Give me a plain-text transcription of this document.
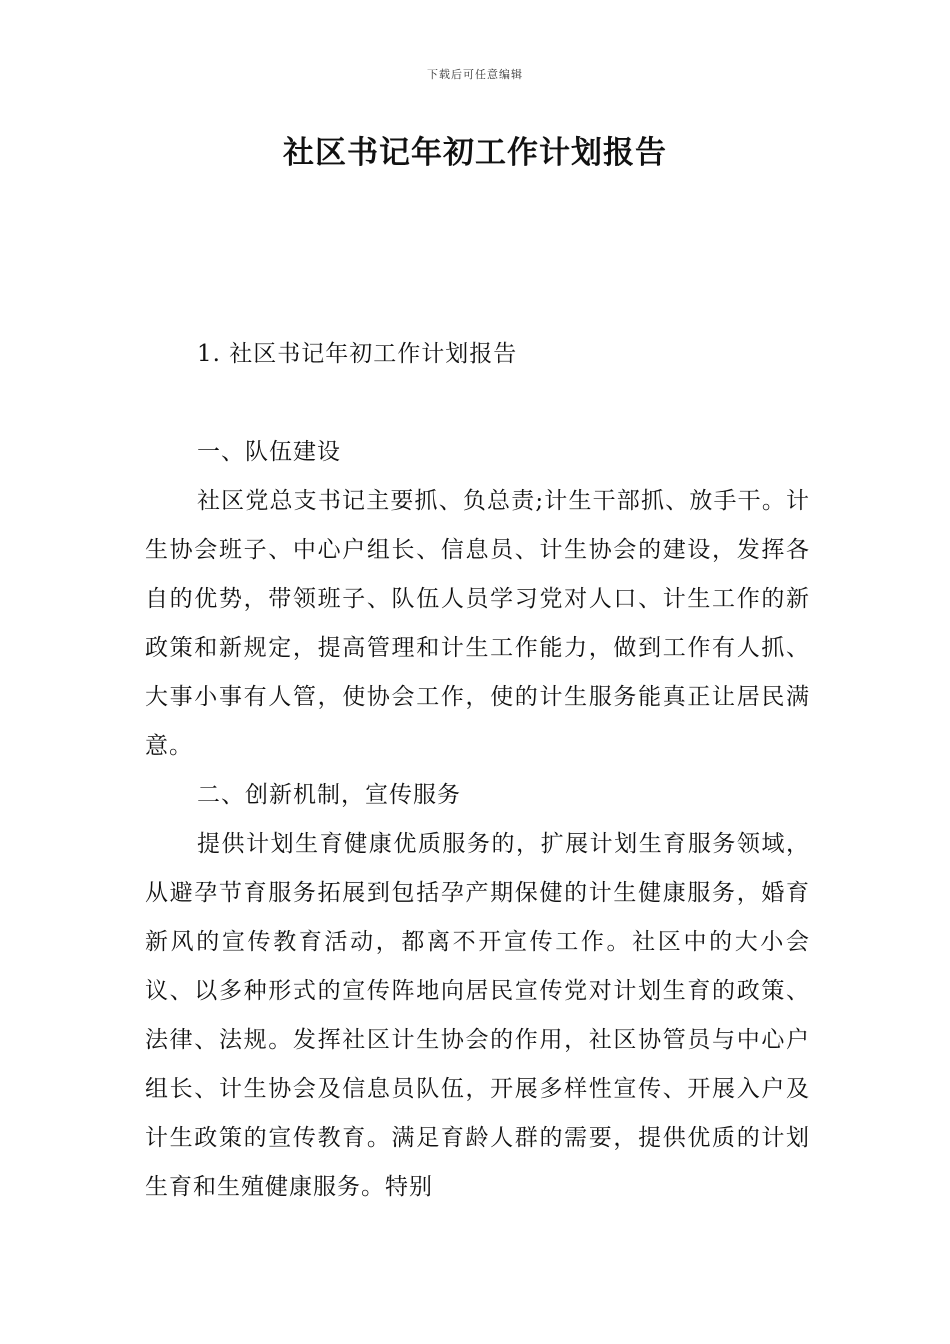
下载后可任意编辑
社区书记年初工作计划报告

1. 社区书记年初工作计划报告

一、队伍建设

社区党总支书记主要抓、负总责;计生干部抓、放手干。计生协会班子、中心户组长、信息员、计生协会的建设，发挥各自的优势，带领班子、队伍人员学习党对人口、计生工作的新政策和新规定，提高管理和计生工作能力，做到工作有人抓、大事小事有人管，使协会工作，使的计生服务能真正让居民满意。

二、创新机制，宣传服务

提供计划生育健康优质服务的，扩展计划生育服务领域，从避孕节育服务拓展到包括孕产期保健的计生健康服务，婚育新风的宣传教育活动，都离不开宣传工作。社区中的大小会议、以多种形式的宣传阵地向居民宣传党对计划生育的政策、法律、法规。发挥社区计生协会的作用，社区协管员与中心户组长、计生协会及信息员队伍，开展多样性宣传、开展入户及计生政策的宣传教育。满足育龄人群的需要，提供优质的计划生育和生殖健康服务。特别
